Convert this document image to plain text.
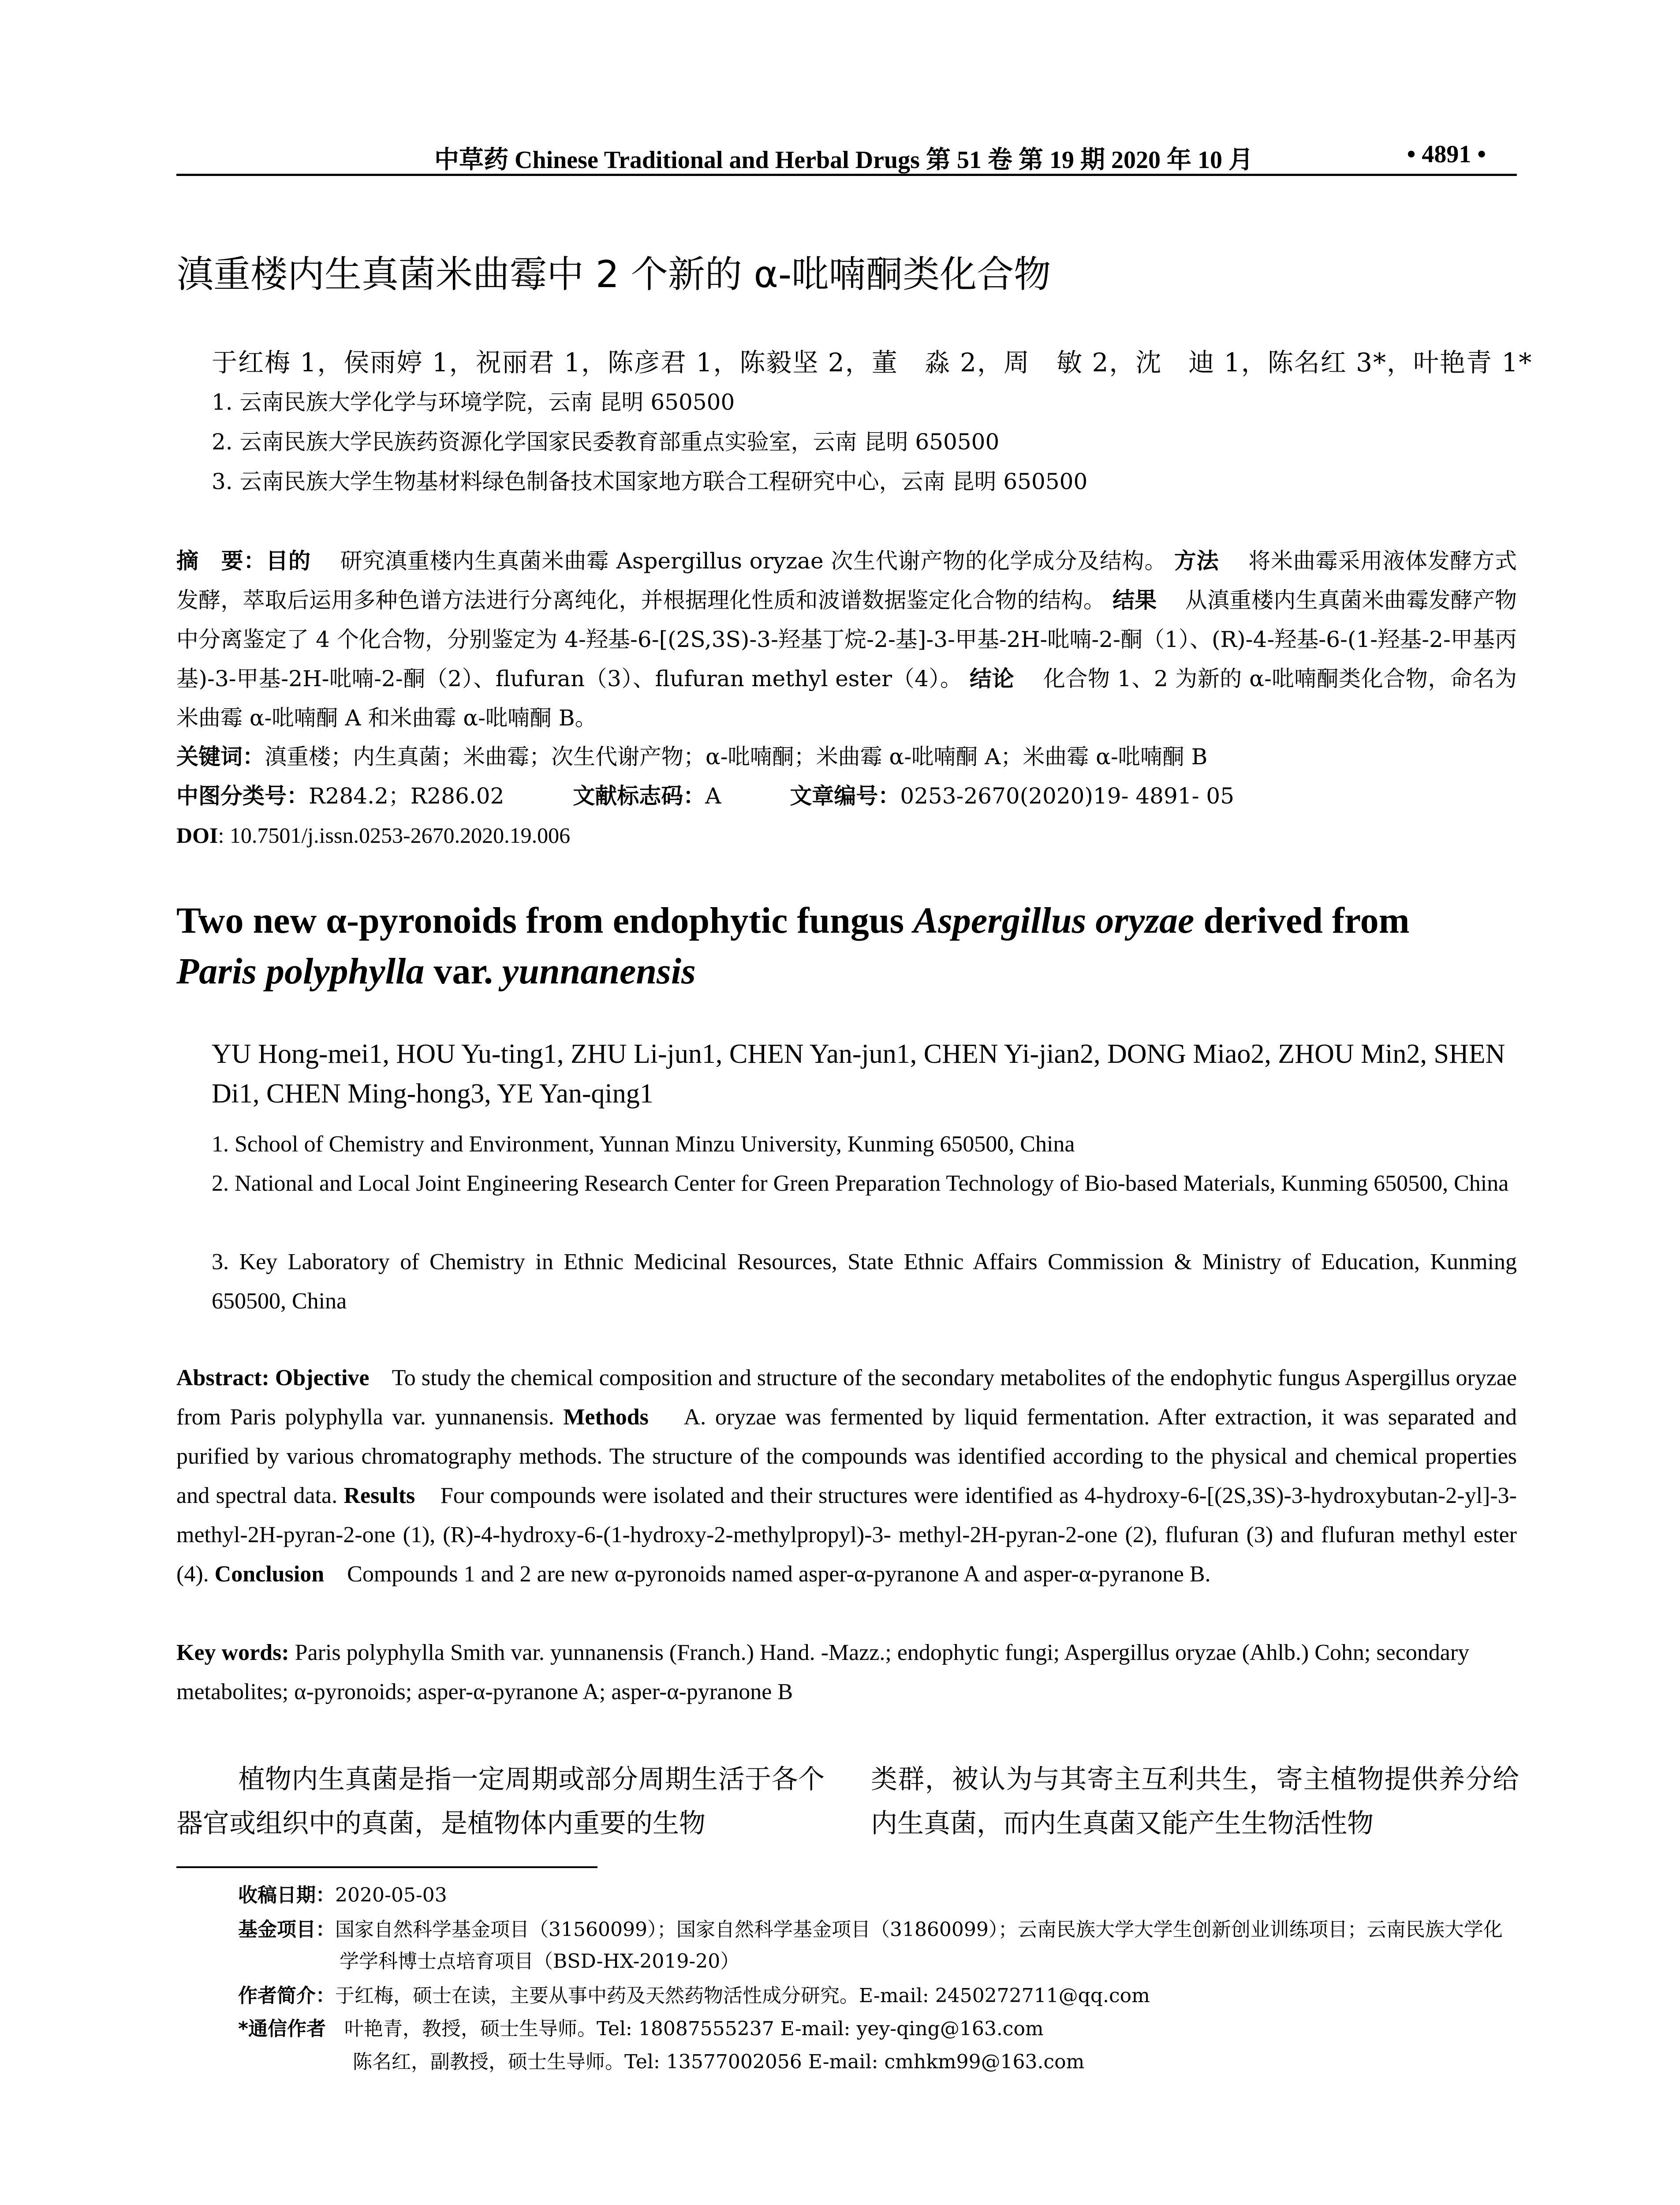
中草药 Chinese Traditional and Herbal Drugs 第 51 卷 第 19 期 2020 年 10 月	• 4891 •
滇重楼内生真菌米曲霉中 2 个新的 α-吡喃酮类化合物
于红梅 1，侯雨婷 1，祝丽君 1，陈彦君 1，陈毅坚 2，董　淼 2，周　敏 2，沈　迪 1，陈名红 3*，叶艳青 1*
1. 云南民族大学化学与环境学院，云南 昆明 650500
2. 云南民族大学民族药资源化学国家民委教育部重点实验室，云南 昆明 650500
3. 云南民族大学生物基材料绿色制备技术国家地方联合工程研究中心，云南 昆明 650500
摘　要：目的 研究滇重楼内生真菌米曲霉 Aspergillus oryzae 次生代谢产物的化学成分及结构。 方法 将米曲霉采用液体发酵方式发酵，萃取后运用多种色谱方法进行分离纯化，并根据理化性质和波谱数据鉴定化合物的结构。 结果 从滇重楼内生真菌米曲霉发酵产物中分离鉴定了 4 个化合物，分别鉴定为 4-羟基-6-[(2S,3S)-3-羟基丁烷-2-基]-3-甲基-2H-吡喃-2-酮（1）、(R)-4-羟基-6-(1-羟基-2-甲基丙基)-3-甲基-2H-吡喃-2-酮（2）、flufuran（3）、flufuran methyl ester（4）。 结论 化合物 1、2 为新的 α-吡喃酮类化合物，命名为米曲霉 α-吡喃酮 A 和米曲霉 α-吡喃酮 B。
关键词：滇重楼；内生真菌；米曲霉；次生代谢产物；α-吡喃酮；米曲霉 α-吡喃酮 A；米曲霉 α-吡喃酮 B
中图分类号：R284.2；R286.02	文献标志码：A	文章编号：0253-2670(2020)19- 4891- 05
DOI: 10.7501/j.issn.0253-2670.2020.19.006
Two new α-pyronoids from endophytic fungus Aspergillus oryzae derived from
Paris polyphylla var. yunnanensis
YU Hong-mei1, HOU Yu-ting1, ZHU Li-jun1, CHEN Yan-jun1, CHEN Yi-jian2, DONG Miao2, ZHOU Min2, SHEN Di1, CHEN Ming-hong3, YE Yan-qing1
1. School of Chemistry and Environment, Yunnan Minzu University, Kunming 650500, China
2. National and Local Joint Engineering Research Center for Green Preparation Technology of Bio-based Materials, Kunming 650500, China
3. Key Laboratory of Chemistry in Ethnic Medicinal Resources, State Ethnic Affairs Commission & Ministry of Education, Kunming 650500, China
Abstract: Objective To study the chemical composition and structure of the secondary metabolites of the endophytic fungus Aspergillus oryzae from Paris polyphylla var. yunnanensis. Methods A. oryzae was fermented by liquid fermentation. After extraction, it was separated and purified by various chromatography methods. The structure of the compounds was identified according to the physical and chemical properties and spectral data. Results Four compounds were isolated and their structures were identified as 4-hydroxy-6-[(2S,3S)-3-hydroxybutan-2-yl]-3-methyl-2H-pyran-2-one (1), (R)-4-hydroxy-6-(1-hydroxy-2-methylpropyl)-3- methyl-2H-pyran-2-one (2), flufuran (3) and flufuran methyl ester (4). Conclusion Compounds 1 and 2 are new α-pyronoids named asper-α-pyranone A and asper-α-pyranone B.
Key words: Paris polyphylla Smith var. yunnanensis (Franch.) Hand. -Mazz.; endophytic fungi; Aspergillus oryzae (Ahlb.) Cohn; secondary metabolites; α-pyronoids; asper-α-pyranone A; asper-α-pyranone B
植物内生真菌是指一定周期或部分周期生活于各个器官或组织中的真菌，是植物体内重要的生物
类群，被认为与其寄主互利共生，寄主植物提供养分给内生真菌，而内生真菌又能产生生物活性物
收稿日期：2020-05-03
基金项目：国家自然科学基金项目（31560099）；国家自然科学基金项目（31860099）；云南民族大学大学生创新创业训练项目；云南民族大学化学学科博士点培育项目（BSD-HX-2019-20）
作者简介：于红梅，硕士在读，主要从事中药及天然药物活性成分研究。E-mail: 2450272711@qq.com
*通信作者 叶艳青，教授，硕士生导师。Tel: 18087555237 E-mail: yey-qing@163.com
陈名红，副教授，硕士生导师。Tel: 13577002056 E-mail: cmhkm99@163.com
